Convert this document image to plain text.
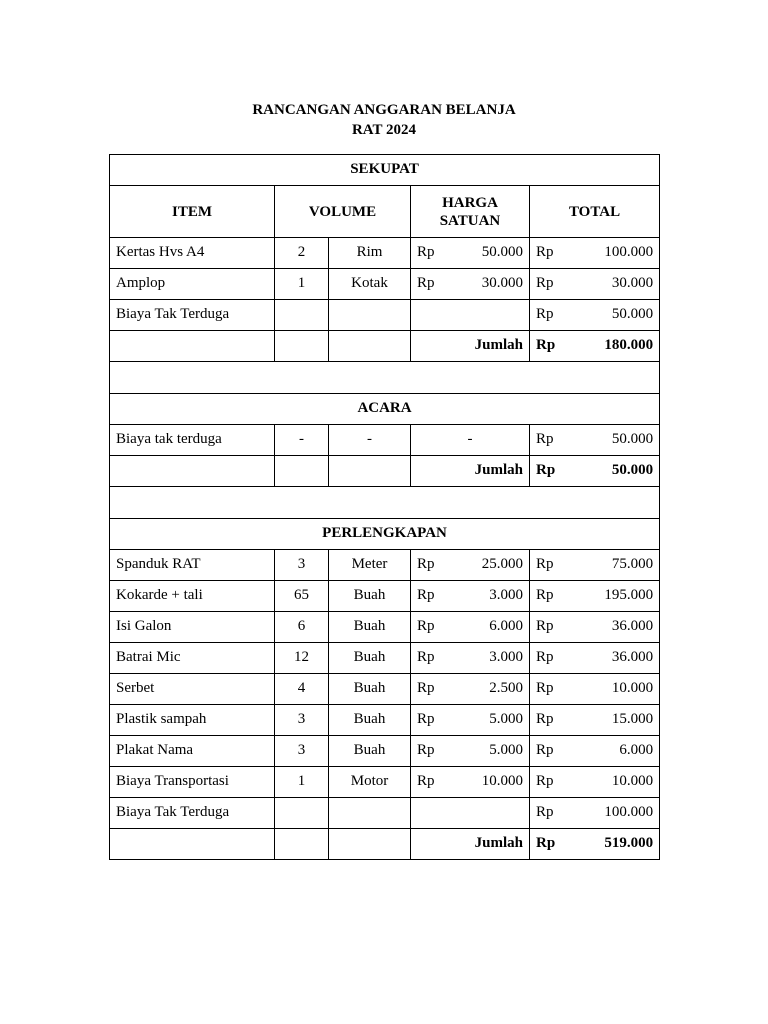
RANCANGAN ANGGARAN BELANJA
RAT 2024
SEKUPAT				
ITEM	VOLUME		HARGA SATUAN	TOTAL
Kertas Hvs A4	2	Rim	Rp 50.000	Rp 100.000

Amplop	1	Kotak	Rp 30.000	Rp 30.000

Biaya Tak Terduga				Rp 50.000

			Jumlah	Rp 180.000

ACARA				
Biaya tak terduga	-	-	-	Rp 50.000

			Jumlah	Rp 50.000

PERLENGKAPAN				
Spanduk RAT	3	Meter	Rp 25.000	Rp 75.000

Kokarde + tali	65	Buah	Rp 3.000	Rp 195.000

Isi Galon	6	Buah	Rp 6.000	Rp 36.000

Batrai Mic	12	Buah	Rp 3.000	Rp 36.000

Serbet	4	Buah	Rp 2.500	Rp 10.000

Plastik sampah	3	Buah	Rp 5.000	Rp 15.000

Plakat Nama	3	Buah	Rp 5.000	Rp 6.000

Biaya Transportasi	1	Motor	Rp 10.000	Rp 10.000

Biaya Tak Terduga				Rp 100.000

			Jumlah	Rp 519.000
